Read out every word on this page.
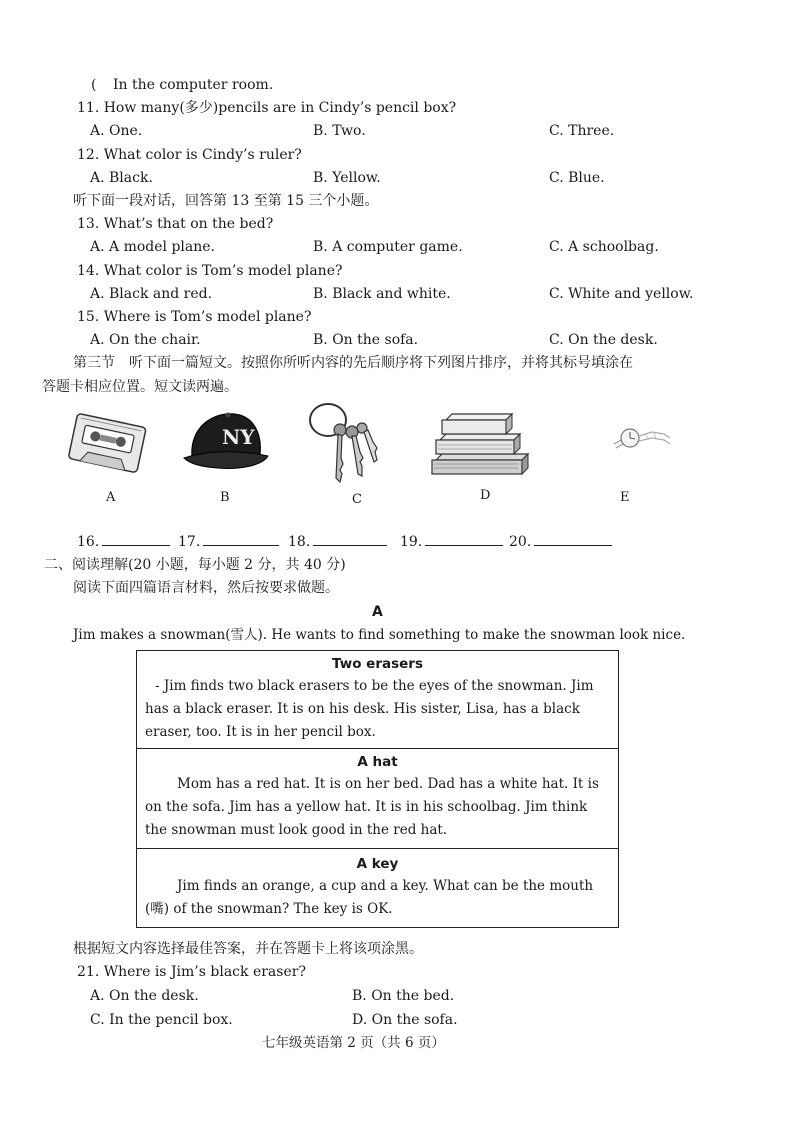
( In the computer room.
11. How many(多少)pencils are in Cindy’s pencil box?
A. One.	B. Two.	C. Three.
12. What color is Cindy’s ruler?
A. Black.	B. Yellow.	C. Blue.
听下面一段对话，回答第 13 至第 15 三个小题。
13. What’s that on the bed?
A. A model plane.	B. A computer game.	C. A schoolbag.
14. What color is Tom’s model plane?
A. Black and red.	B. Black and white.	C. White and yellow.
15. Where is Tom’s model plane?
A. On the chair.	B. On the sofa.	C. On the desk.
第三节　听下面一篇短文。按照你所听内容的先后顺序将下列图片排序，并将其标号填涂在
答题卡相应位置。短文读两遍。
A
NY
B	C	D	E
16.	17.	18.	19.	20.
二、阅读理解(20 小题，每小题 2 分，共 40 分)
阅读下面四篇语言材料，然后按要求做题。
A
Jim makes a snowman(雪人). He wants to find something to make the snowman look nice.
Two erasers
- Jim finds two black erasers to be the eyes of the snowman. Jim
has a black eraser. It is on his desk. His sister, Lisa, has a black
eraser, too. It is in her pencil box.
A hat
Mom has a red hat. It is on her bed. Dad has a white hat. It is
on the sofa. Jim has a yellow hat. It is in his schoolbag. Jim think
the snowman must look good in the red hat.
A key
Jim finds an orange, a cup and a key. What can be the mouth
(嘴) of the snowman? The key is OK.
根据短文内容选择最佳答案，并在答题卡上将该项涂黑。
21. Where is Jim’s black eraser?
A. On the desk.	B. On the bed.
C. In the pencil box.	D. On the sofa.
七年级英语第 2 页（共 6 页）
